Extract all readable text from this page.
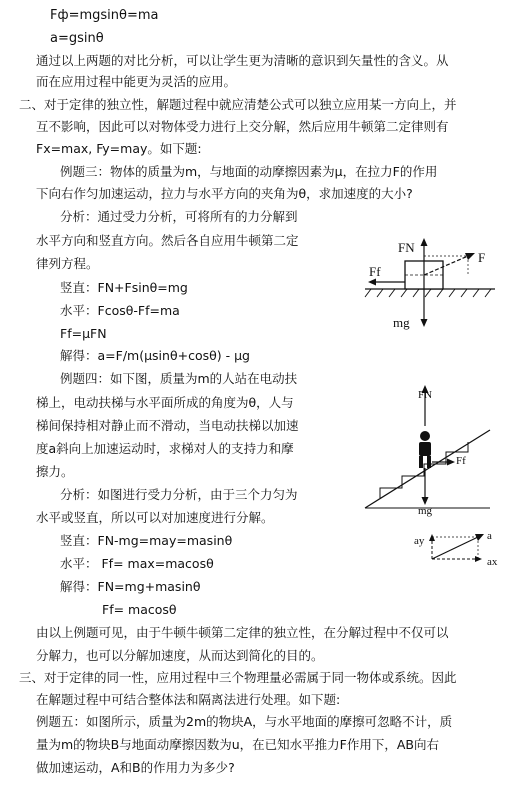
Fф=mgsinθ=ma
a=gsinθ
通过以上两题的对比分析，可以让学生更为清晰的意识到矢量性的含义。从
而在应用过程中能更为灵活的应用。
二、对于定律的独立性，解题过程中就应清楚公式可以独立应用某一方向上，并
互不影响，因此可以对物体受力进行上交分解，然后应用牛顿第二定律则有
Fx=max, Fy=may。如下题:
例题三：物体的质量为m，与地面的动摩擦因素为μ，在拉力F的作用
下向右作匀加速运动，拉力与水平方向的夹角为θ，求加速度的大小?
分析：通过受力分析，可将所有的力分解到
水平方向和竖直方向。然后各自应用牛顿第二定
律列方程。
竖直：FN+Fsinθ=mg
水平：Fcosθ-Ff=ma
Ff=μFN
解得：a=F/m(μsinθ+cosθ) - μg
FN
F
Ff
mg
例题四：如下图，质量为m的人站在电动扶
梯上，电动扶梯与水平面所成的角度为θ，人与
梯间保持相对静止而不滑动，当电动扶梯以加速
度a斜向上加速运动时，求梯对人的支持力和摩
擦力。
分析：如图进行受力分析，由于三个力匀为
水平或竖直，所以可以对加速度进行分解。
竖直：FN-mg=may=masinθ
水平： Ff= max=macosθ
解得：FN=mg+masinθ
Ff= macosθ
FN
Ff
mg
ay	a
ax
由以上例题可见，由于牛顿牛顿第二定律的独立性，在分解过程中不仅可以
分解力，也可以分解加速度，从而达到简化的目的。
三、对于定律的同一性，应用过程中三个物理量必需属于同一物体或系统。因此
在解题过程中可结合整体法和隔离法进行处理。如下题:
例题五：如图所示，质量为2m的物块A，与水平地面的摩擦可忽略不计，质
量为m的物块B与地面动摩擦因数为u，在已知水平推力F作用下，AB向右
做加速运动，A和B的作用力为多少?
